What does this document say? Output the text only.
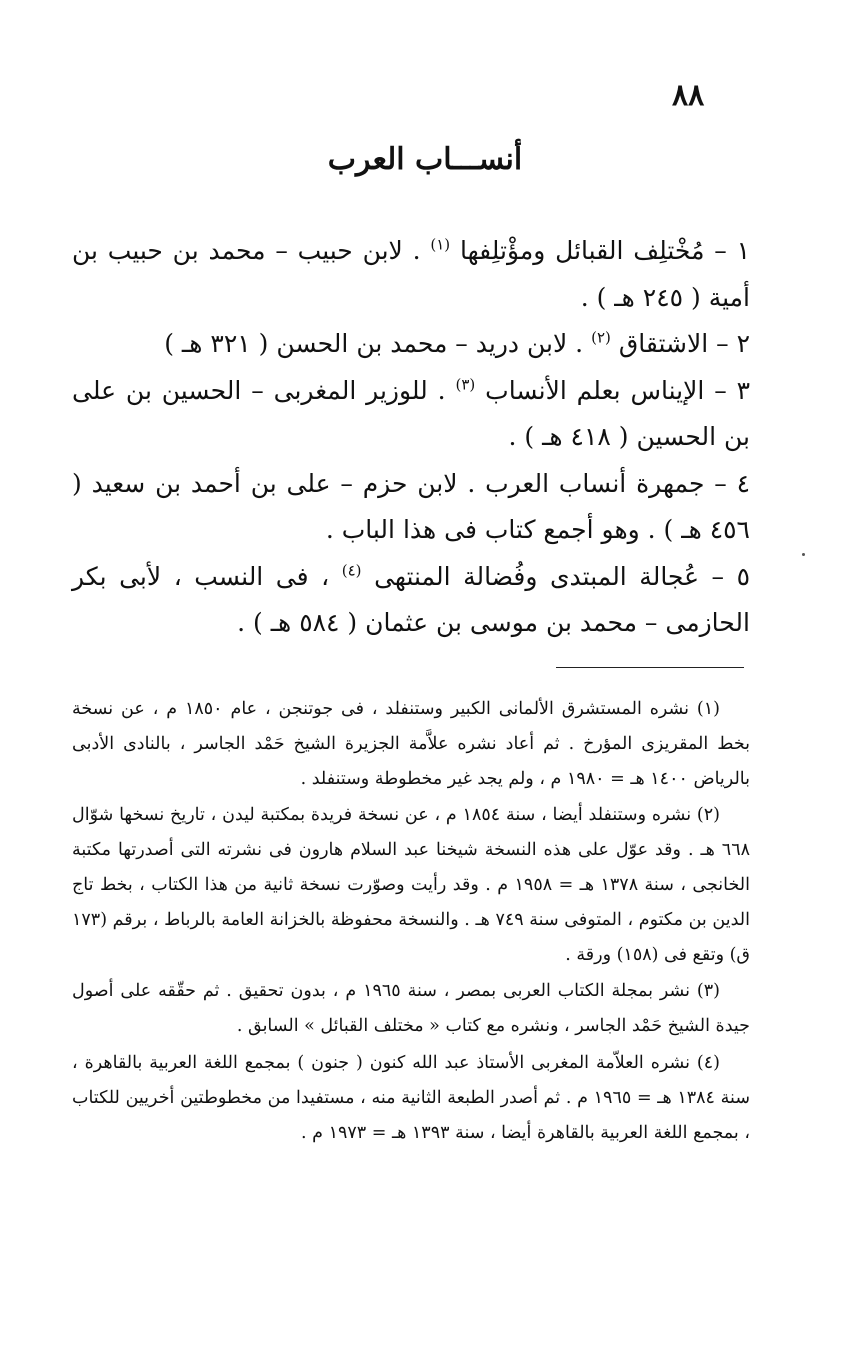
٨٨
أنســـاب العرب

١ – مُخْتلِف القبائل ومؤْتلِفها $^{(١)}$ . لابن حبيب – محمد بن حبيب بن أمية ( ٢٤٥ هـ ) .

٢ – الاشتقاق $^{(٢)}$ . لابن دريد – محمد بن الحسن ( ٣٢١ هـ )

٣ – الإيناس بعلم الأنساب $^{(٣)}$ . للوزير المغربى – الحسين بن على بن الحسين ( ٤١٨ هـ ) .

٤ – جمهرة أنساب العرب . لابن حزم – على بن أحمد بن سعيد ( ٤٥٦ هـ ) . وهو أجمع كتاب فى هذا الباب .

٥ – عُجالة المبتدى وفُضالة المنتهى $^{(٤)}$ ، فى النسب ، لأبى بكر الحازمى – محمد بن موسى بن عثمان ( ٥٨٤ هـ ) .

(١) نشره المستشرق الألمانى الكبير وستنفلد ، فى جوتنجن ، عام ١٨٥٠ م ، عن نسخة بخط المقريزى المؤرخ . ثم أعاد نشره علاَّمة الجزيرة الشيخ حَمْد الجاسر ، بالنادى الأدبى بالرياض ١٤٠٠ هـ = ١٩٨٠ م ، ولم يجد غير مخطوطة وستنفلد .

(٢) نشره وستنفلد أيضا ، سنة ١٨٥٤ م ، عن نسخة فريدة بمكتبة ليدن ، تاريخ نسخها شوّال ٦٦٨ هـ . وقد عوّل على هذه النسخة شيخنا عبد السلام هارون فى نشرته التى أصدرتها مكتبة الخانجى ، سنة ١٣٧٨ هـ = ١٩٥٨ م . وقد رأيت وصوّرت نسخة ثانية من هذا الكتاب ، بخط تاج الدين بن مكتوم ، المتوفى سنة ٧٤٩ هـ . والنسخة محفوظة بالخزانة العامة بالرباط ، برقم (١٧٣ ق) وتقع فى (١٥٨) ورقة .

(٣) نشر بمجلة الكتاب العربى بمصر ، سنة ١٩٦٥ م ، بدون تحقيق . ثم حقّقه على أصول جيدة الشيخ حَمْد الجاسر ، ونشره مع كتاب « مختلف القبائل » السابق .

(٤) نشره العلاّمة المغربى الأستاذ عبد الله كنون ( جنون ) بمجمع اللغة العربية بالقاهرة ، سنة ١٣٨٤ هـ = ١٩٦٥ م . ثم أصدر الطبعة الثانية منه ، مستفيدا من مخطوطتين أخريين للكتاب ، بمجمع اللغة العربية بالقاهرة أيضا ، سنة ١٣٩٣ هـ = ١٩٧٣ م .
